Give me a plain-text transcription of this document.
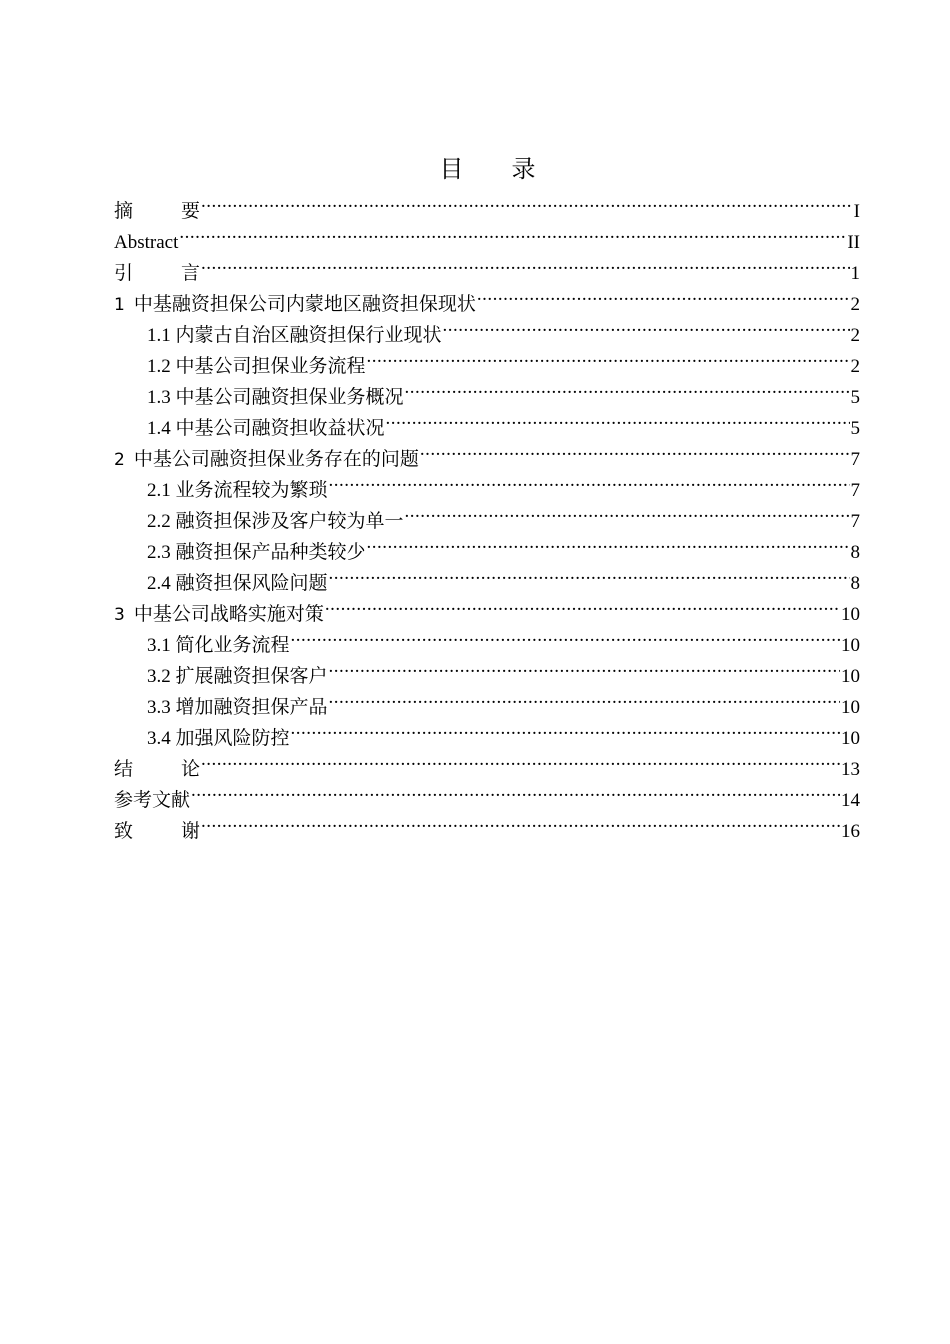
目 录
摘	要 .....	I
Abstract .....	II
引	言 .....	1
1 中基融资担保公司内蒙地区融资担保现状 .....	2
1.1 内蒙古自治区融资担保行业现状 .....	2
1.2 中基公司担保业务流程 .....	2
1.3 中基公司融资担保业务概况 .....	5
1.4 中基公司融资担收益状况 .....	5
2 中基公司融资担保业务存在的问题 .....	7
2.1 业务流程较为繁琐 .....	7
2.2 融资担保涉及客户较为单一 .....	7
2.3 融资担保产品种类较少 .....	8
2.4 融资担保风险问题 .....	8
3 中基公司战略实施对策 .....	10
3.1 简化业务流程 .....	10
3.2 扩展融资担保客户 .....	10
3.3 增加融资担保产品 .....	10
3.4 加强风险防控 .....	10
结	论 .....	13
参考文献 .....	14
致	谢 .....	16
